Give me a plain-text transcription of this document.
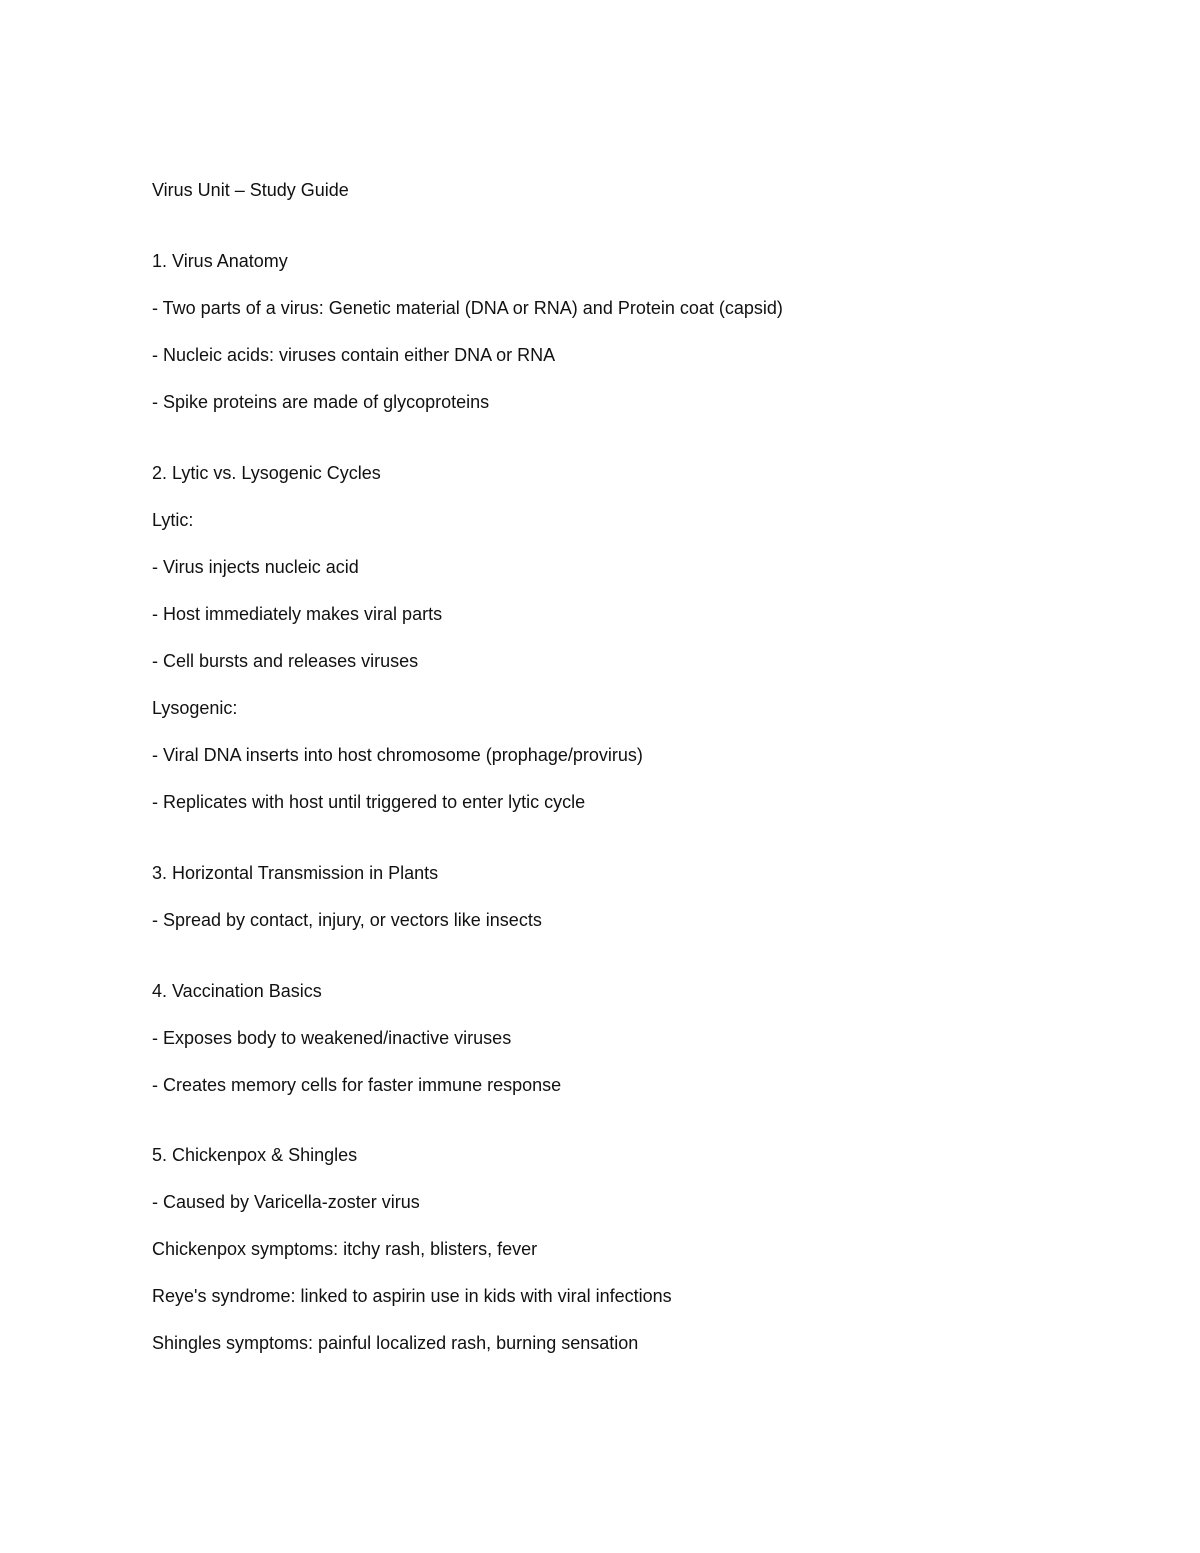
Virus Unit – Study Guide
1. Virus Anatomy
- Two parts of a virus: Genetic material (DNA or RNA) and Protein coat (capsid)
- Nucleic acids: viruses contain either DNA or RNA
- Spike proteins are made of glycoproteins
2. Lytic vs. Lysogenic Cycles
Lytic:
- Virus injects nucleic acid
- Host immediately makes viral parts
- Cell bursts and releases viruses
Lysogenic:
- Viral DNA inserts into host chromosome (prophage/provirus)
- Replicates with host until triggered to enter lytic cycle
3. Horizontal Transmission in Plants
- Spread by contact, injury, or vectors like insects
4. Vaccination Basics
- Exposes body to weakened/inactive viruses
- Creates memory cells for faster immune response
5. Chickenpox & Shingles
- Caused by Varicella-zoster virus
Chickenpox symptoms: itchy rash, blisters, fever
Reye's syndrome: linked to aspirin use in kids with viral infections
Shingles symptoms: painful localized rash, burning sensation
